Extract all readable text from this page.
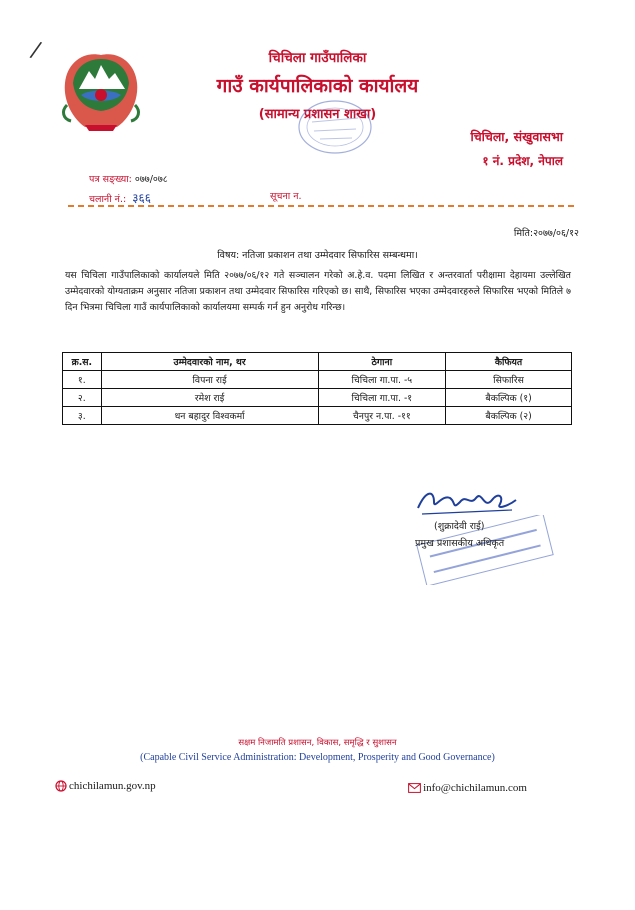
/	चिचिला गाउँपालिका
गाउँ कार्यपालिकाको कार्यालय
(सामान्य प्रशासन शाखा)
चिचिला, संखुवासभा
१ नं. प्रदेश, नेपाल
पत्र सङ्ख्या: ०७७/०७८
चलानी नं.: ३६६	सूचना न.
मिति:२०७७/०६/१२
विषय: नतिजा प्रकाशन तथा उम्मेदवार सिफारिस सम्बन्धमा।
यस चिचिला गाउँपालिकाको कार्यालयले मिति २०७७/०६/१२ गते सञ्चालन गरेको अ.हे.व. पदमा लिखित र अन्तरवार्ता परीक्षामा देहायमा उल्लेखित उम्मेदवारको योग्यताक्रम अनुसार नतिजा प्रकाशन तथा उम्मेदवार सिफारिस गरिएको छ। साथै, सिफारिस भएका उम्मेदवारहरुले सिफारिस भएको मितिले ७ दिन भित्रमा चिचिला गाउँ कार्यपालिकाको कार्यालयमा सम्पर्क गर्न हुन अनुरोध गरिन्छ।
क्र.स.	उम्मेदवारको नाम, थर	ठेगाना	कैफियत
१.	विपना राई	चिचिला गा.पा. -५	सिफारिस
२.	रमेश राई	चिचिला गा.पा. -१	बैकल्पिक (१)
३.	धन बहादुर विश्वकर्मा	चैनपुर न.पा. -११	बैकल्पिक (२)
(शुक्रादेवी राई)
प्रमुख प्रशासकीय अधिकृत
सक्षम निजामति प्रशासन, विकास, समृद्धि र सुशासन
(Capable Civil Service Administration: Development, Prosperity and Good Governance)
chichilamun.gov.np	info@chichilamun.com
